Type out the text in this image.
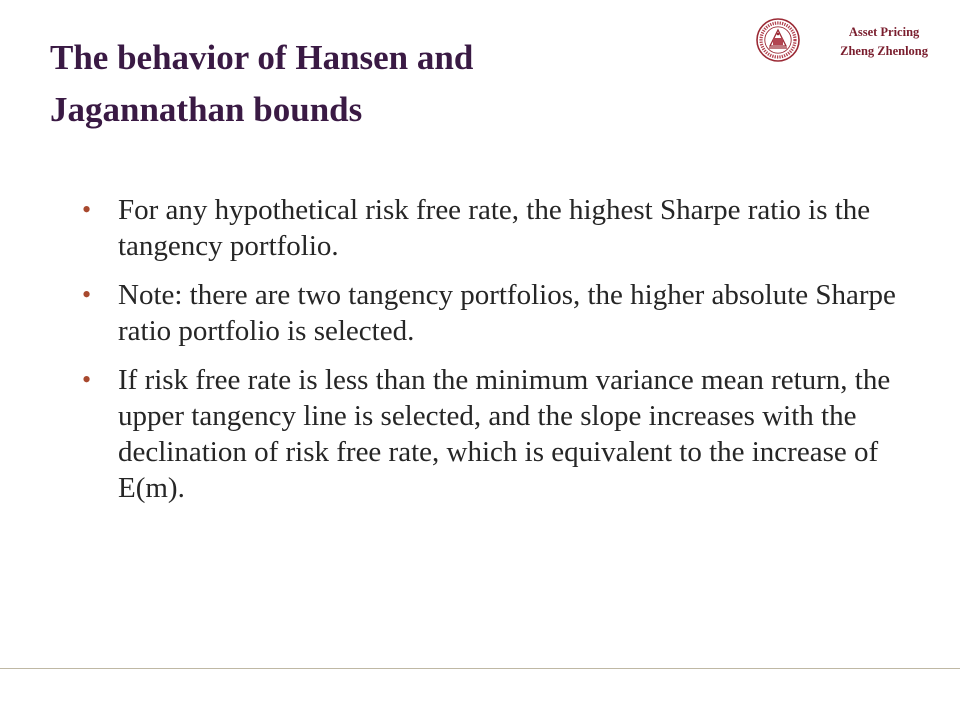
The behavior of Hansen and
Jagannathan bounds
Asset Pricing
Zheng Zhenlong
• For any hypothetical risk free rate, the highest Sharpe ratio is the tangency portfolio.
• Note: there are two tangency portfolios, the higher absolute Sharpe ratio portfolio is selected.
• If risk free rate is less than the minimum variance mean return, the upper tangency line is selected, and the slope increases with the declination of risk free rate, which is equivalent to the increase of E(m).
